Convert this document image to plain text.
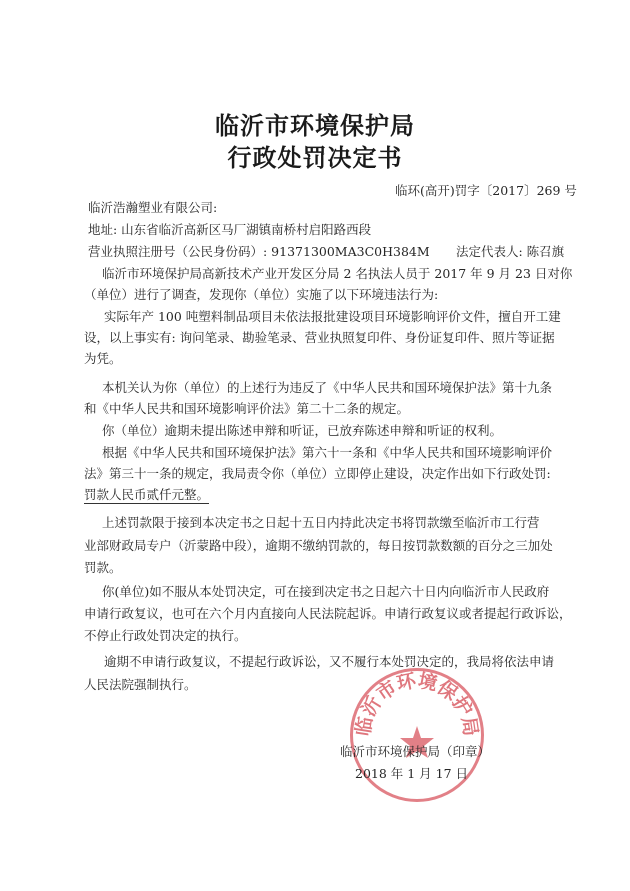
临沂市环境保护局
行政处罚决定书
临环(高开)罚字〔2017〕269 号
临沂浩瀚塑业有限公司:
地址: 山东省临沂高新区马厂湖镇南桥村启阳路西段
营业执照注册号（公民身份码）: 91371300MA3C0H384M 法定代表人: 陈召旗
临沂市环境保护局高新技术产业开发区分局 2 名执法人员于 2017 年 9 月 23 日对你
（单位）进行了调查，发现你（单位）实施了以下环境违法行为:
实际年产 100 吨塑料制品项目未依法报批建设项目环境影响评价文件，擅自开工建
设，以上事实有: 询问笔录、勘验笔录、营业执照复印件、身份证复印件、照片等证据
为凭。
本机关认为你（单位）的上述行为违反了《中华人民共和国环境保护法》第十九条
和《中华人民共和国环境影响评价法》第二十二条的规定。
你（单位）逾期未提出陈述申辩和听证，已放弃陈述申辩和听证的权利。
根据《中华人民共和国环境保护法》第六十一条和《中华人民共和国环境影响评价
法》第三十一条的规定，我局责令你（单位）立即停止建设，决定作出如下行政处罚:
罚款人民币贰仟元整。
上述罚款限于接到本决定书之日起十五日内持此决定书将罚款缴至临沂市工行营
业部财政局专户（沂蒙路中段），逾期不缴纳罚款的，每日按罚款数额的百分之三加处
罚款。
你(单位)如不服从本处罚决定，可在接到决定书之日起六十日内向临沂市人民政府
申请行政复议，也可在六个月内直接向人民法院起诉。申请行政复议或者提起行政诉讼，
不停止行政处罚决定的执行。
逾期不申请行政复议，不提起行政诉讼，又不履行本处罚决定的，我局将依法申请
人民法院强制执行。
临沂市环境保护局
临沂市环境保护局（印章）
2018 年 1 月 17 日
